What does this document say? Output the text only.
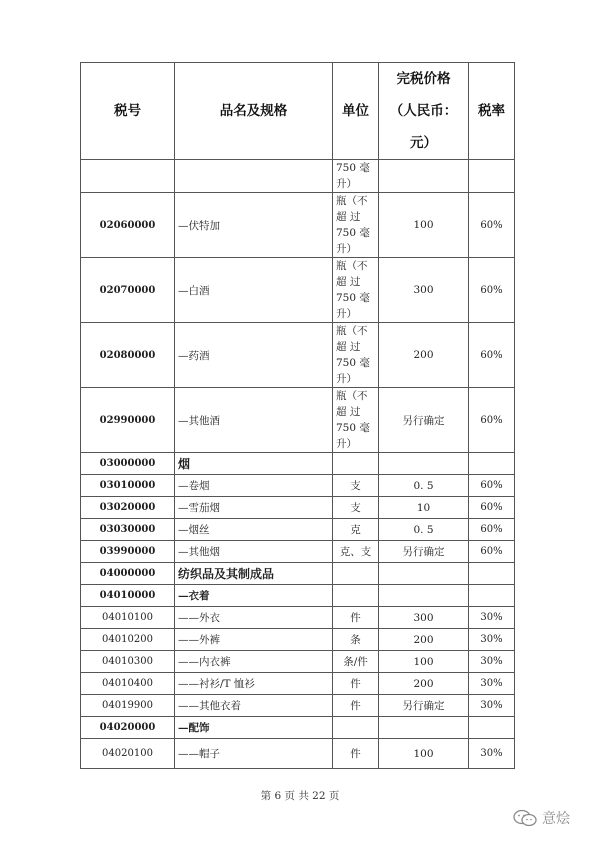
税号	品名及规格	单位	完税价格
（人民币：
元）	税率

		750 毫
升）		

02060000	—伏特加	瓶（不
超 过
750 毫
升）	100	60%
02070000	—白酒	瓶（不
超 过
750 毫
升）	300	60%
02080000	—药酒	瓶（不
超 过
750 毫
升）	200	60%
02990000	—其他酒	瓶（不
超 过
750 毫
升）	另行确定	60%
03000000	烟			
03010000	—卷烟	支	0. 5	60%
03020000	—雪茄烟	支	10	60%
03030000	—烟丝	克	0. 5	60%
03990000	—其他烟	克、支	另行确定	60%
04000000	纺织品及其制成品			
04010000	—衣着			
04010100	——外衣	件	300	30%
04010200	——外裤	条	200	30%
04010300	——内衣裤	条/件	100	30%
04010400	——衬衫/T 恤衫	件	200	30%
04019900	——其他衣着	件	另行确定	30%
04020000	—配饰			
04020100	——帽子	件	100	30%
第 6 页 共 22 页
意烩
